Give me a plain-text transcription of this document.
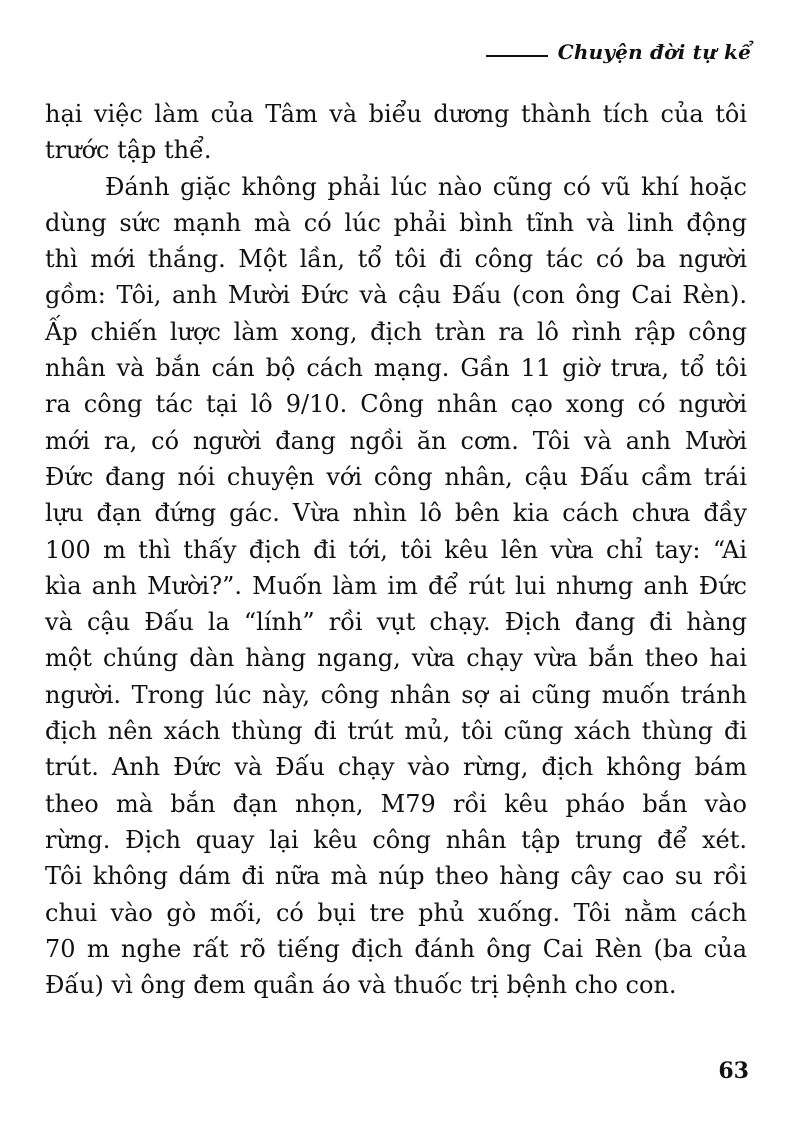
Chuyện đời tự kể
hại việc làm của Tâm và biểu dương thành tích của tôi
trước tập thể.
Đánh giặc không phải lúc nào cũng có vũ khí hoặc
dùng sức mạnh mà có lúc phải bình tĩnh và linh động
thì mới thắng. Một lần, tổ tôi đi công tác có ba người
gồm: Tôi, anh Mười Đức và cậu Đấu (con ông Cai Rèn).
Ấp chiến lược làm xong, địch tràn ra lô rình rập công
nhân và bắn cán bộ cách mạng. Gần 11 giờ trưa, tổ tôi
ra công tác tại lô 9/10. Công nhân cạo xong có người
mới ra, có người đang ngồi ăn cơm. Tôi và anh Mười
Đức đang nói chuyện với công nhân, cậu Đấu cầm trái
lựu đạn đứng gác. Vừa nhìn lô bên kia cách chưa đầy
100 m thì thấy địch đi tới, tôi kêu lên vừa chỉ tay: “Ai
kìa anh Mười?”. Muốn làm im để rút lui nhưng anh Đức
và cậu Đấu la “lính” rồi vụt chạy. Địch đang đi hàng
một chúng dàn hàng ngang, vừa chạy vừa bắn theo hai
người. Trong lúc này, công nhân sợ ai cũng muốn tránh
địch nên xách thùng đi trút mủ, tôi cũng xách thùng đi
trút. Anh Đức và Đấu chạy vào rừng, địch không bám
theo mà bắn đạn nhọn, M79 rồi kêu pháo bắn vào
rừng. Địch quay lại kêu công nhân tập trung để xét.
Tôi không dám đi nữa mà núp theo hàng cây cao su rồi
chui vào gò mối, có bụi tre phủ xuống. Tôi nằm cách
70 m nghe rất rõ tiếng địch đánh ông Cai Rèn (ba của
Đấu) vì ông đem quần áo và thuốc trị bệnh cho con.
63
